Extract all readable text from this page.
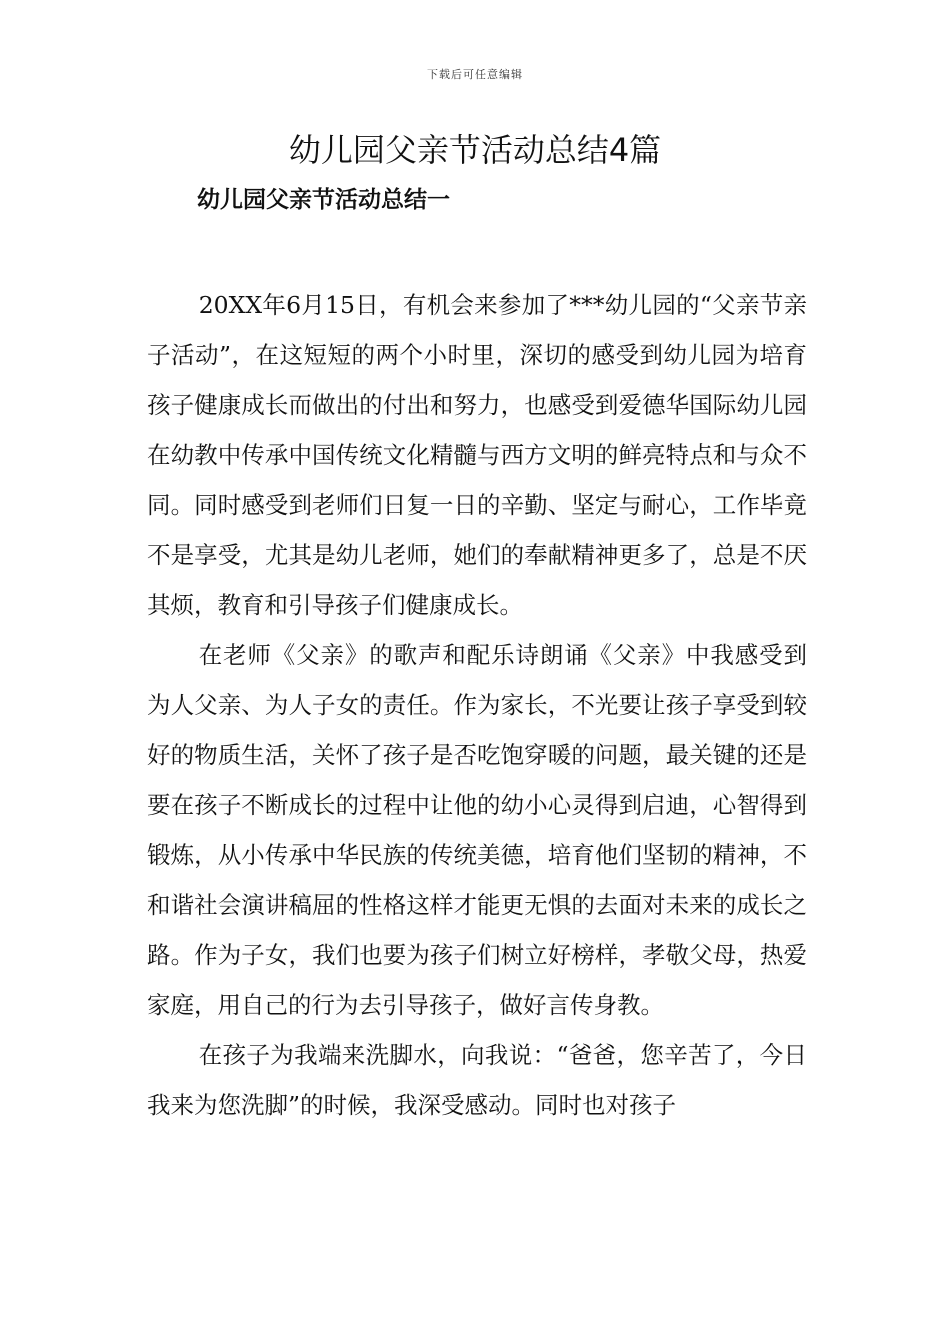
下载后可任意编辑
幼儿园父亲节活动总结4篇
幼儿园父亲节活动总结一

20XX年6月15日，有机会来参加了***幼儿园的“父亲节亲子活动”，在这短短的两个小时里，深切的感受到幼儿园为培育孩子健康成长而做出的付出和努力，也感受到爱德华国际幼儿园在幼教中传承中国传统文化精髓与西方文明的鲜亮特点和与众不同。同时感受到老师们日复一日的辛勤、坚定与耐心，工作毕竟不是享受，尤其是幼儿老师，她们的奉献精神更多了，总是不厌其烦，教育和引导孩子们健康成长。

在老师《父亲》的歌声和配乐诗朗诵《父亲》中我感受到为人父亲、为人子女的责任。作为家长，不光要让孩子享受到较好的物质生活，关怀了孩子是否吃饱穿暖的问题，最关键的还是要在孩子不断成长的过程中让他的幼小心灵得到启迪，心智得到锻炼，从小传承中华民族的传统美德，培育他们坚韧的精神，不和谐社会演讲稿屈的性格这样才能更无惧的去面对未来的成长之路。作为子女，我们也要为孩子们树立好榜样，孝敬父母，热爱家庭，用自己的行为去引导孩子，做好言传身教。

在孩子为我端来洗脚水，向我说：“爸爸，您辛苦了，今日我来为您洗脚”的时候，我深受感动。同时也对孩子
